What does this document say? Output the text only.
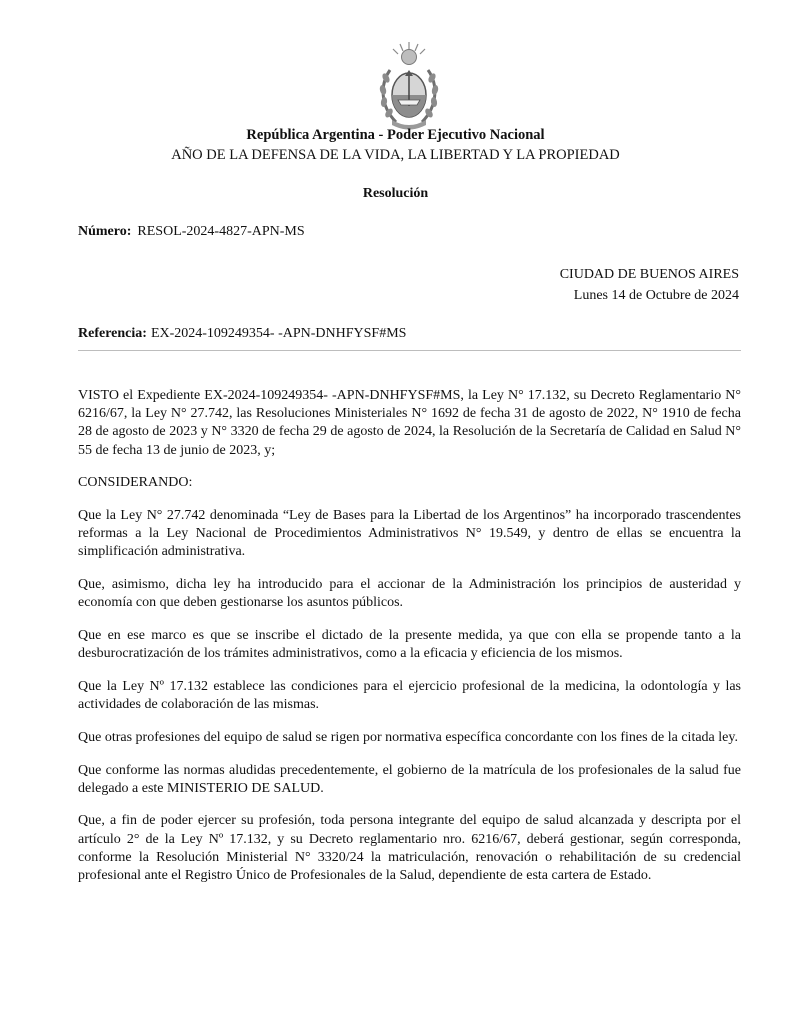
República Argentina - Poder Ejecutivo Nacional
AÑO DE LA DEFENSA DE LA VIDA, LA LIBERTAD Y LA PROPIEDAD
Resolución
Número: RESOL-2024-4827-APN-MS
CIUDAD DE BUENOS AIRES
Lunes 14 de Octubre de 2024
Referencia: EX-2024-109249354- -APN-DNHFYSF#MS

VISTO el Expediente EX-2024-109249354- -APN-DNHFYSF#MS, la Ley N° 17.132, su Decreto Reglamentario N° 6216/67, la Ley N° 27.742, las Resoluciones Ministeriales N° 1692 de fecha 31 de agosto de 2022, N° 1910 de fecha 28 de agosto de 2023 y N° 3320 de fecha 29 de agosto de 2024, la Resolución de la Secretaría de Calidad en Salud N° 55 de fecha 13 de junio de 2023, y;

CONSIDERANDO:

Que la Ley N° 27.742 denominada “Ley de Bases para la Libertad de los Argentinos” ha incorporado trascendentes reformas a la Ley Nacional de Procedimientos Administrativos N° 19.549, y dentro de ellas se encuentra la simplificación administrativa.

Que, asimismo, dicha ley ha introducido para el accionar de la Administración los principios de austeridad y economía con que deben gestionarse los asuntos públicos.

Que en ese marco es que se inscribe el dictado de la presente medida, ya que con ella se propende tanto a la desburocratización de los trámites administrativos, como a la eficacia y eficiencia de los mismos.

Que la Ley Nº 17.132 establece las condiciones para el ejercicio profesional de la medicina, la odontología y las actividades de colaboración de las mismas.

Que otras profesiones del equipo de salud se rigen por normativa específica concordante con los fines de la citada ley.

Que conforme las normas aludidas precedentemente, el gobierno de la matrícula de los profesionales de la salud fue delegado a este MINISTERIO DE SALUD.

Que, a fin de poder ejercer su profesión, toda persona integrante del equipo de salud alcanzada y descripta por el artículo 2° de la Ley Nº 17.132, y su Decreto reglamentario nro. 6216/67, deberá gestionar, según corresponda, conforme la Resolución Ministerial N° 3320/24 la matriculación, renovación o rehabilitación de su credencial profesional ante el Registro Único de Profesionales de la Salud, dependiente de esta cartera de Estado.
